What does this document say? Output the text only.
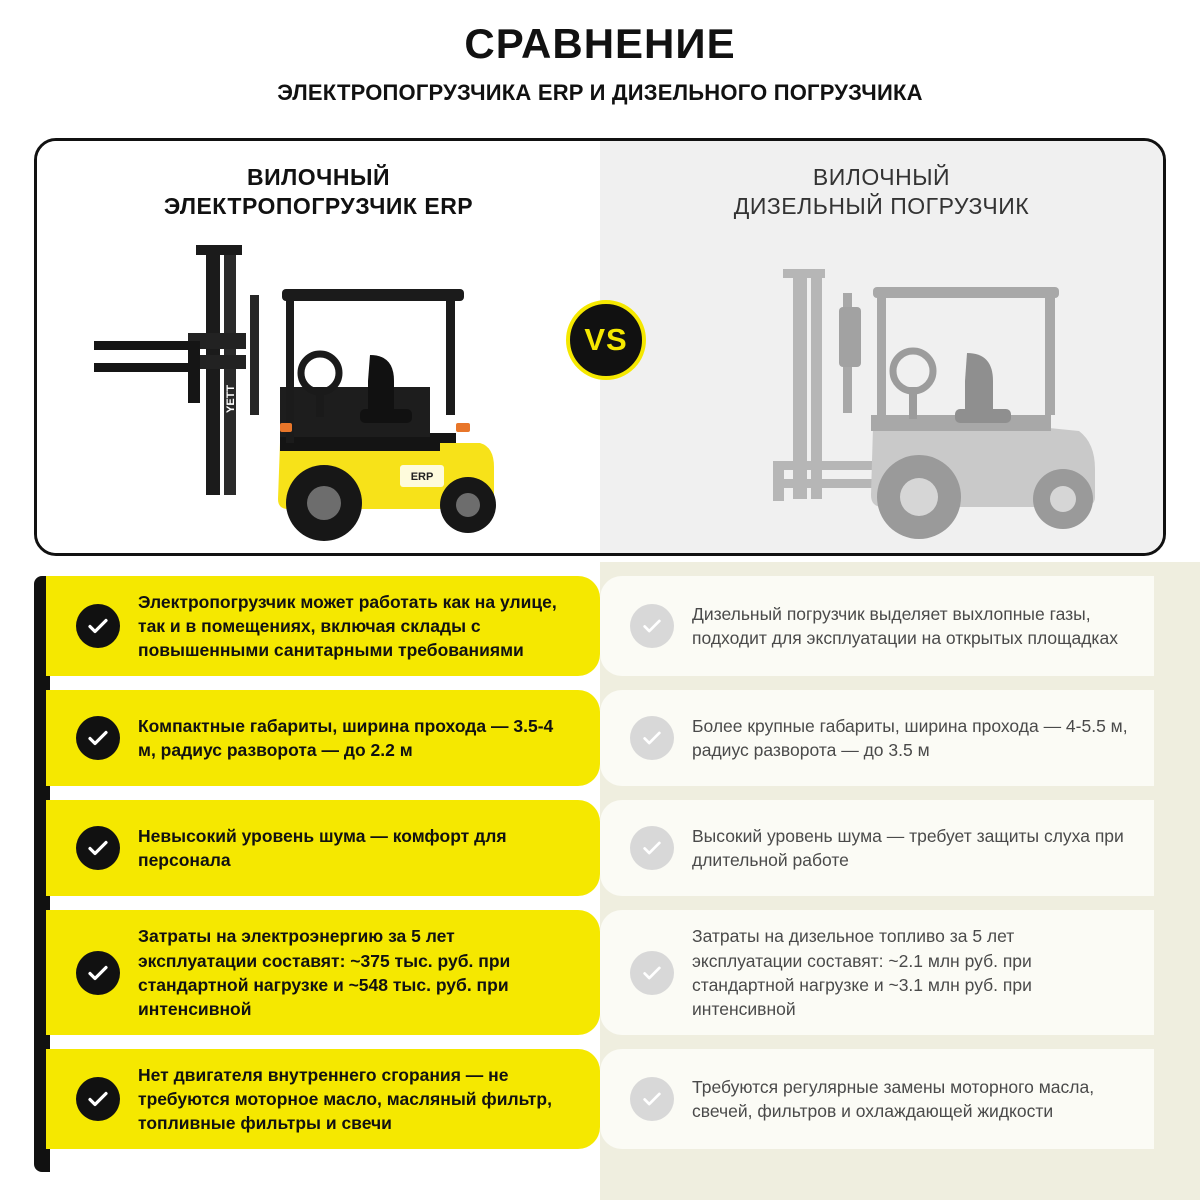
СРАВНЕНИЕ
ЭЛЕКТРОПОГРУЗЧИКА ERP И ДИЗЕЛЬНОГО ПОГРУЗЧИКА
ВИЛОЧНЫЙ
ЭЛЕКТРОПОГРУЗЧИК ERP
ERP
YETT
ВИЛОЧНЫЙ
ДИЗЕЛЬНЫЙ ПОГРУЗЧИК
VS
Электропогрузчик может работать как на улице, так и в помещениях, включая склады с повышенными санитарными требованиями
Дизельный погрузчик выделяет выхлопные газы, подходит для эксплуатации на открытых площадках
Компактные габариты, ширина прохода — 3.5-4 м, радиус разворота — до 2.2 м
Более крупные габариты, ширина прохода — 4-5.5 м, радиус разворота — до 3.5 м
Невысокий уровень шума — комфорт для персонала
Высокий уровень шума — требует защиты слуха при длительной работе
Затраты на электроэнергию за 5 лет эксплуатации составят: ~375 тыс. руб. при стандартной нагрузке и ~548 тыс. руб. при интенсивной
Затраты на дизельное топливо за 5 лет эксплуатации составят: ~2.1 млн руб. при стандартной нагрузке и ~3.1 млн руб. при интенсивной
Нет двигателя внутреннего сгорания — не требуются моторное масло, масляный фильтр, топливные фильтры и свечи
Требуются регулярные замены моторного масла, свечей, фильтров и охлаждающей жидкости
